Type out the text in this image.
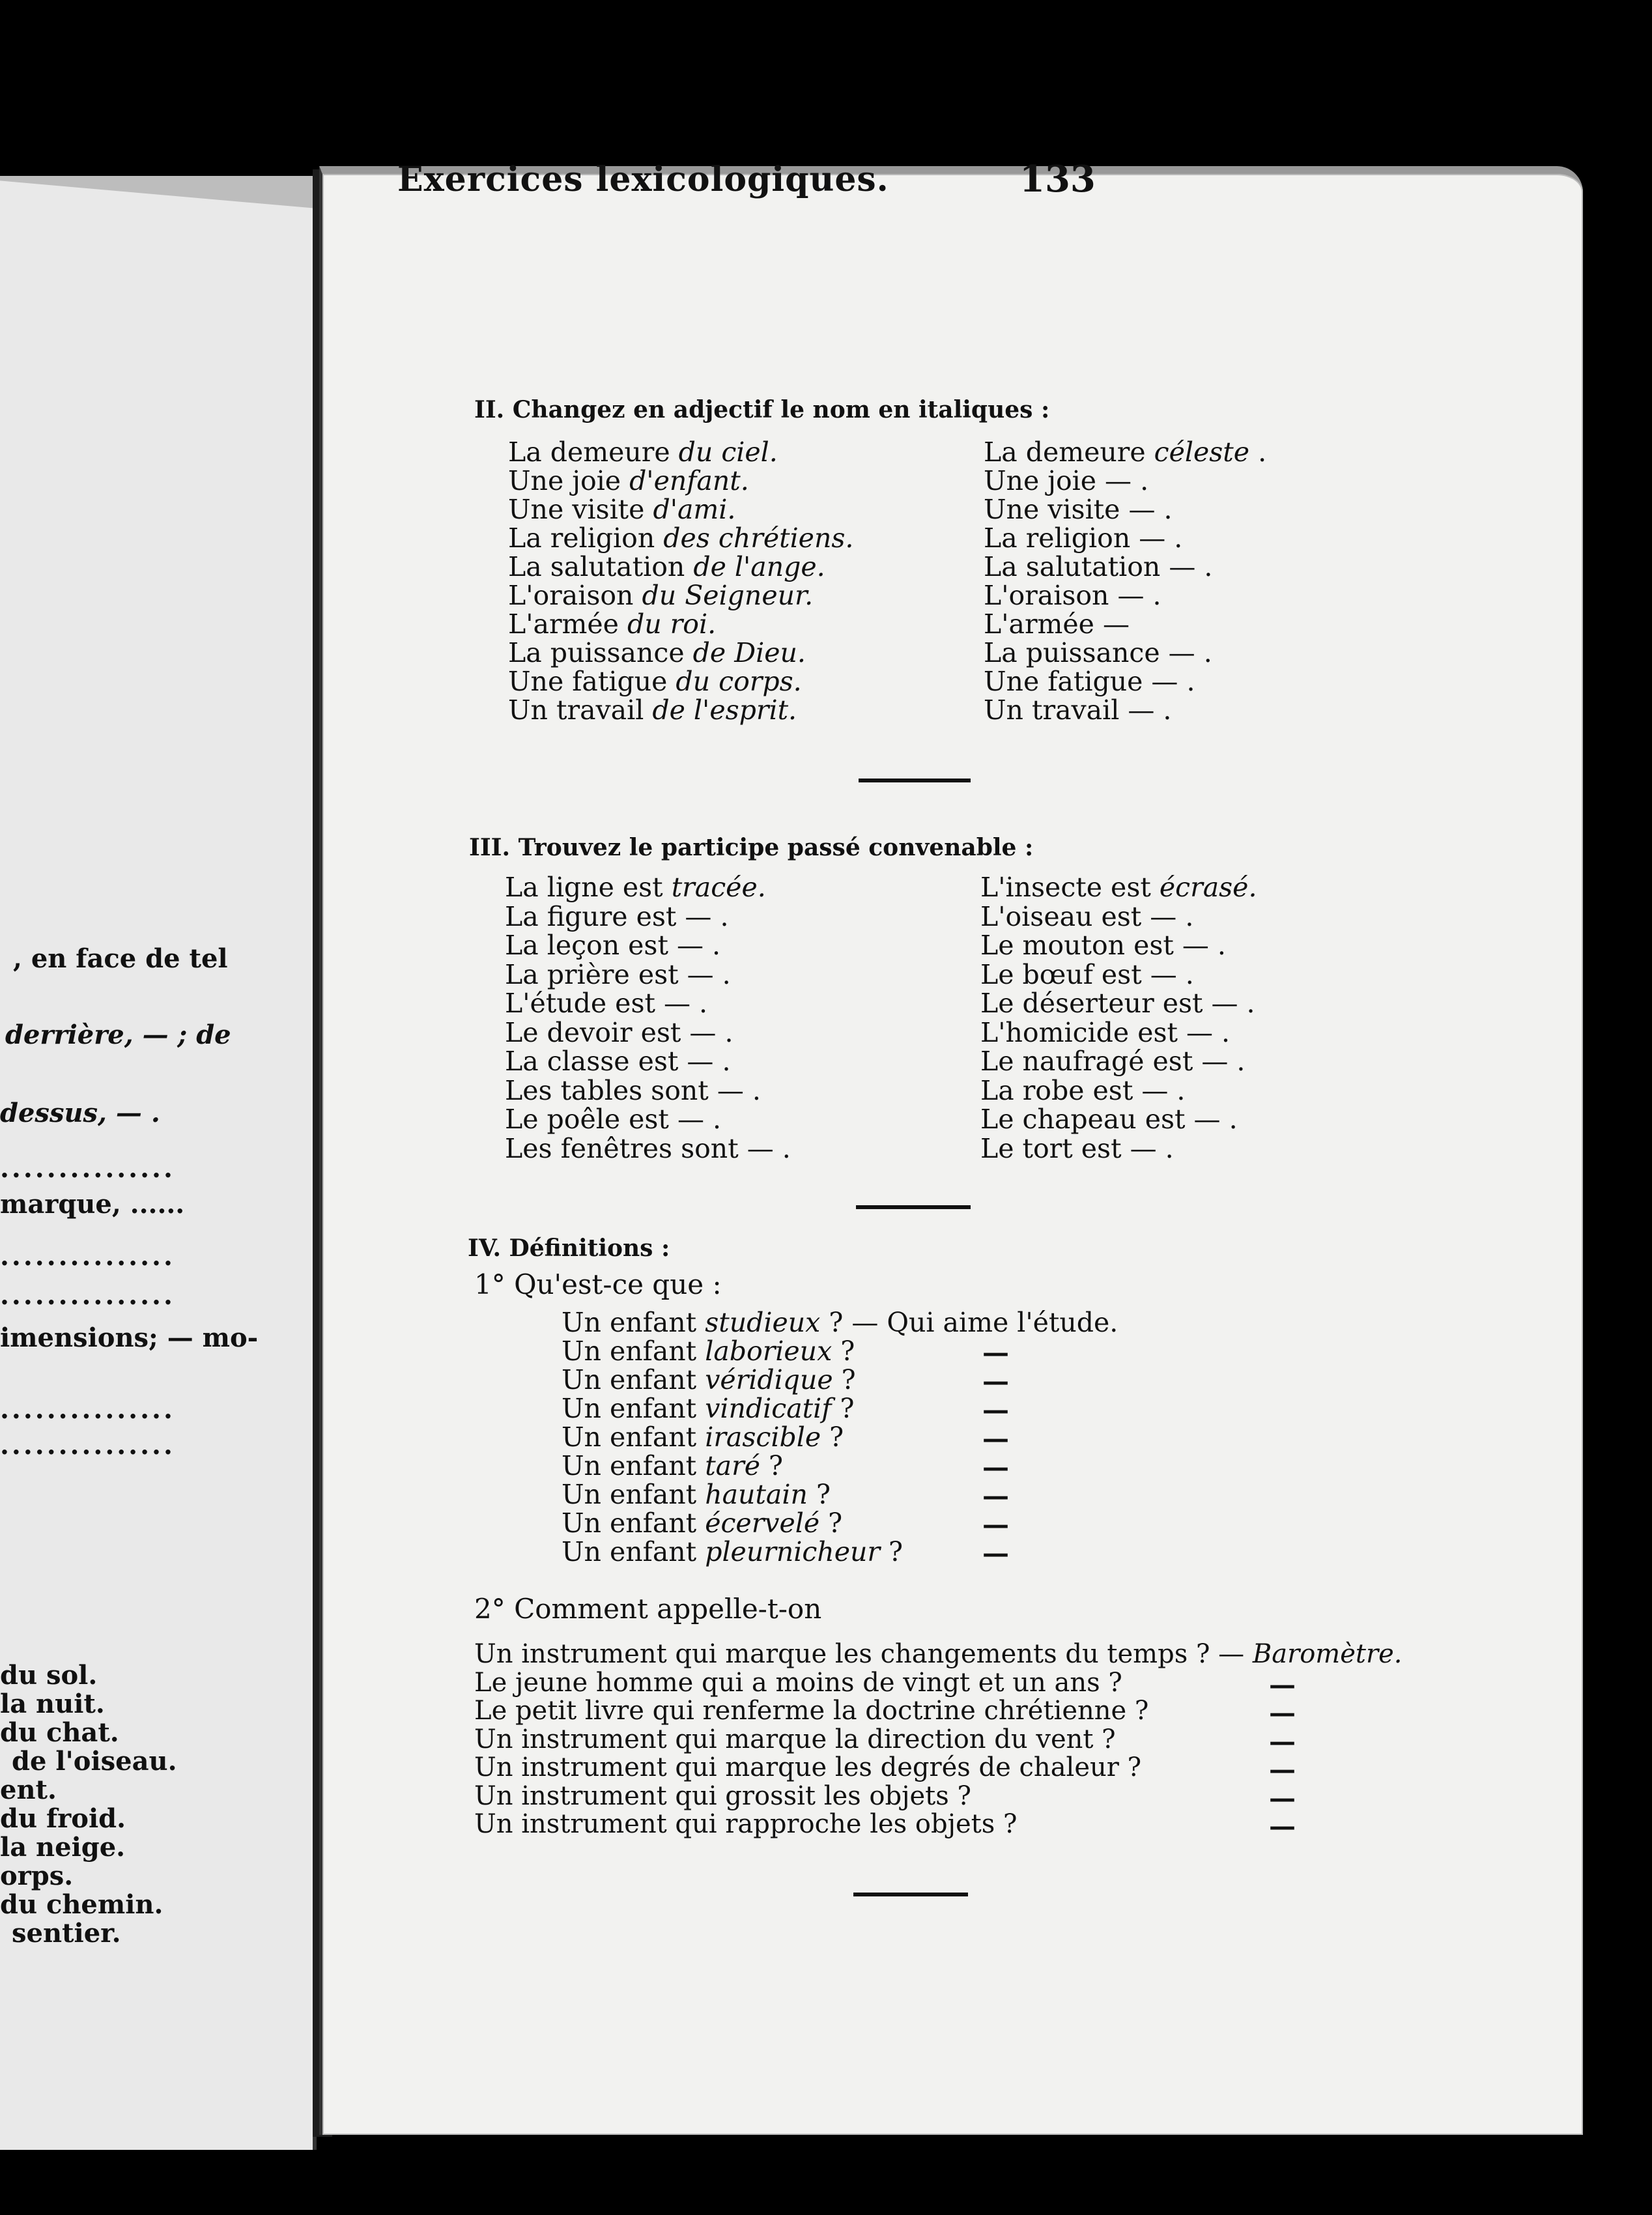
, en face de tel
derrière, — ; de
dessus, — .
...............
marque, ......
...............
...............
imensions; — mo-
...............
...............
du sol.
la nuit.
du chat.
de l'oiseau.
ent.
du froid.
la neige.
orps.
du chemin.
sentier.
Exercices lexicologiques.	133
II. Changez en adjectif le nom en italiques :
La demeure du ciel.	La demeure céleste .
Une joie d'enfant.	Une joie — .
Une visite d'ami.	Une visite — .
La religion des chrétiens.	La religion — .
La salutation de l'ange.	La salutation — .
L'oraison du Seigneur.	L'oraison — .
L'armée du roi.	L'armée —
La puissance de Dieu.	La puissance — .
Une fatigue du corps.	Une fatigue — .
Un travail de l'esprit.	Un travail — .
III. Trouvez le participe passé convenable :
La ligne est tracée.	L'insecte est écrasé.
La figure est — .	L'oiseau est — .
La leçon est — .	Le mouton est — .
La prière est — .	Le bœuf est — .
L'étude est — .	Le déserteur est — .
Le devoir est — .	L'homicide est — .
La classe est — .	Le naufragé est — .
Les tables sont — .	La robe est — .
Le poêle est — .	Le chapeau est — .
Les fenêtres sont — .	Le tort est — .
IV. Définitions :
1° Qu'est-ce que :
Un enfant studieux ? — Qui aime l'étude.
Un enfant laborieux ?	—
Un enfant véridique ?	—
Un enfant vindicatif ?	—
Un enfant irascible ?	—
Un enfant taré ?	—
Un enfant hautain ?	—
Un enfant écervelé ?	—
Un enfant pleurnicheur ?	—
2° Comment appelle-t-on
Un instrument qui marque les changements du temps ? — Baromètre.
Le jeune homme qui a moins de vingt et un ans ?	—
Le petit livre qui renferme la doctrine chrétienne ?	—
Un instrument qui marque la direction du vent ?	—
Un instrument qui marque les degrés de chaleur ?	—
Un instrument qui grossit les objets ?	—
Un instrument qui rapproche les objets ?	—
